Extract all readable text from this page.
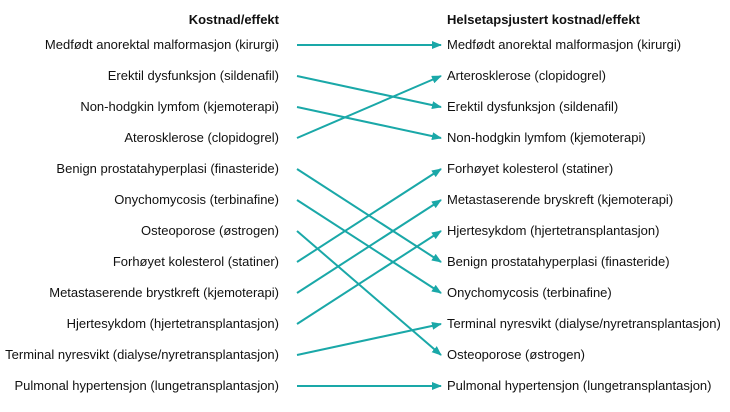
Kostnad/effekt	Helsetapsjustert kostnad/effekt
Medfødt anorektal malformasjon (kirurgi)
Erektil dysfunksjon (sildenafil)
Non-hodgkin lymfom (kjemoterapi)
Aterosklerose (clopidogrel)
Benign prostatahyperplasi (finasteride)
Onychomycosis (terbinafine)
Osteoporose (østrogen)
Forhøyet kolesterol (statiner)
Metastaserende brystkreft (kjemoterapi)
Hjertesykdom (hjertetransplantasjon)
Terminal nyresvikt (dialyse/nyretransplantasjon)
Pulmonal hypertensjon (lungetransplantasjon)
Medfødt anorektal malformasjon (kirurgi)
Arterosklerose (clopidogrel)
Erektil dysfunksjon (sildenafil)
Non-hodgkin lymfom (kjemoterapi)
Forhøyet kolesterol (statiner)
Metastaserende bryskreft (kjemoterapi)
Hjertesykdom (hjertetransplantasjon)
Benign prostatahyperplasi (finasteride)
Onychomycosis (terbinafine)
Terminal nyresvikt (dialyse/nyretransplantasjon)
Osteoporose (østrogen)
Pulmonal hypertensjon (lungetransplantasjon)
